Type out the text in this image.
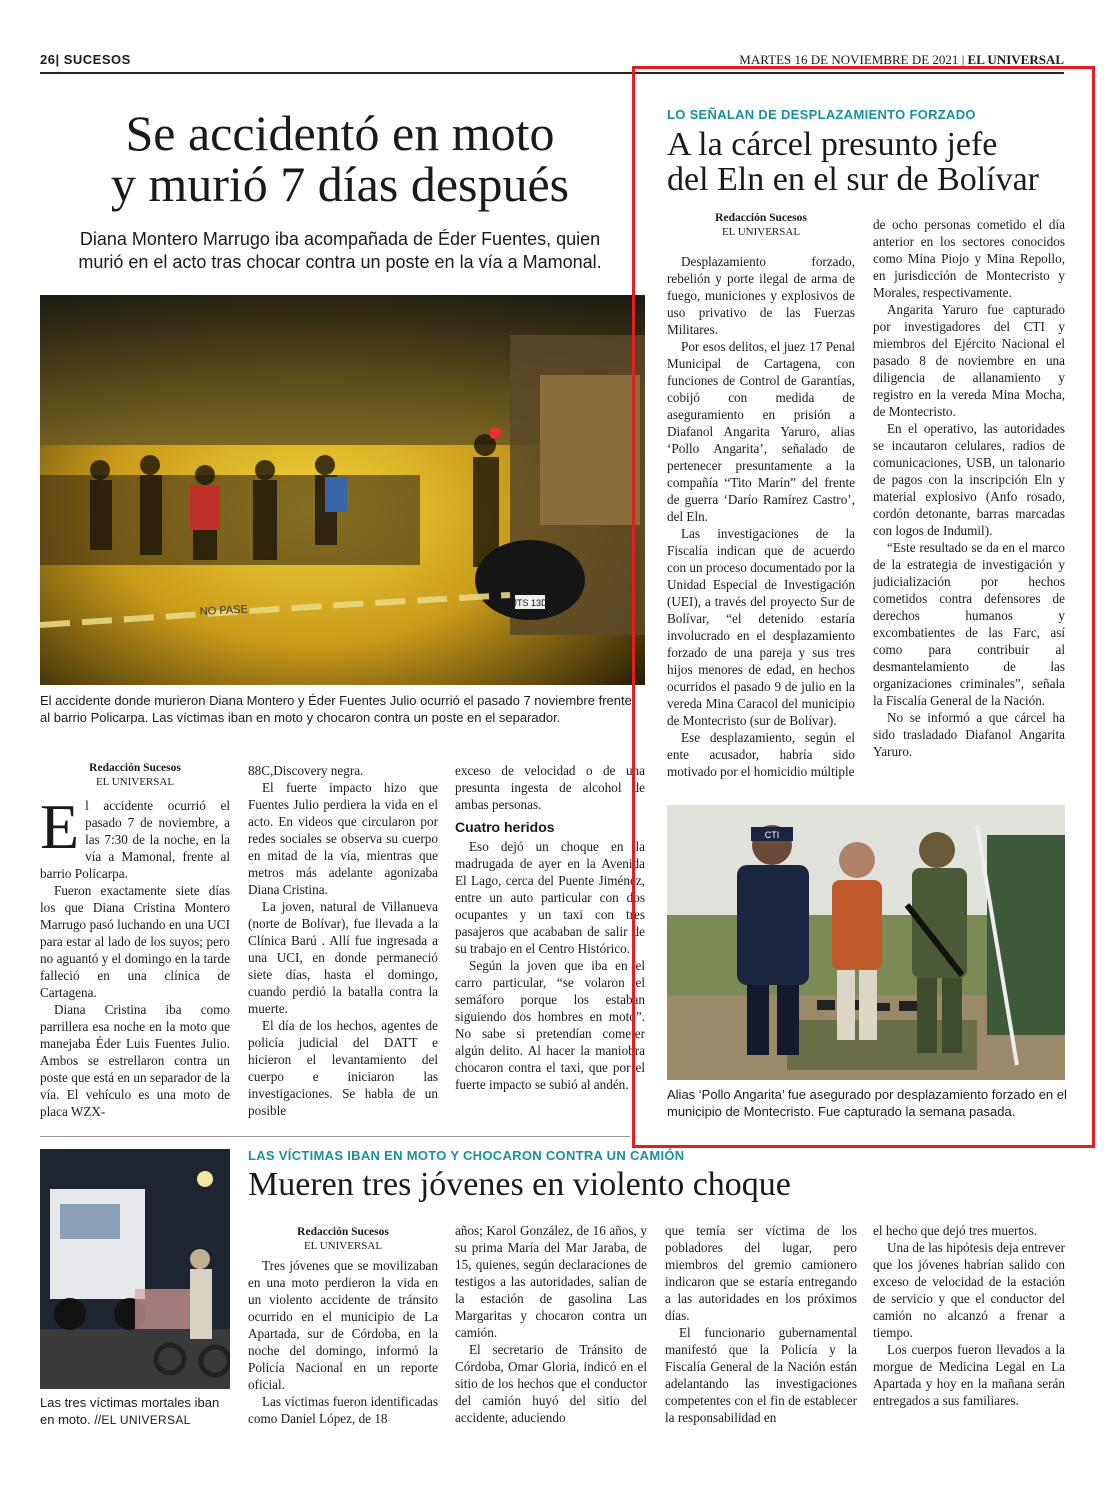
26| SUCESOS	MARTES 16 DE NOVIEMBRE DE 2021 | EL UNIVERSAL
Se accidentó en moto
y murió 7 días después
Diana Montero Marrugo iba acompañada de Éder Fuentes, quien
murió en el acto tras chocar contra un poste en la vía a Mamonal.
JTS 13D
NO PASE
El accidente donde murieron Diana Montero y Éder Fuentes Julio ocurrió el pasado 7 noviembre frente al barrio Policarpa. Las víctimas iban en moto y chocaron contra un poste en el separador.
Redacción Sucesos
EL UNIVERSAL

El accidente ocurrió el pasado 7 de noviembre, a las 7:30 de la noche, en la vía a Mamonal, frente al barrio Policarpa.

Fueron exactamente siete días los que Diana Cristina Montero Marrugo pasó luchando en una UCI para estar al lado de los suyos; pero no aguantó y el domingo en la tarde falleció en una clínica de Cartagena.

Diana Cristina iba como parrillera esa noche en la moto que manejaba Éder Luis Fuentes Julio. Ambos se estrellaron contra un poste que está en un separador de la vía. El vehículo es una moto de placa WZX-

88C,Discovery negra.

El fuerte impacto hizo que Fuentes Julio perdiera la vida en el acto. En videos que circularon por redes sociales se observa su cuerpo en mitad de la vía, mientras que metros más adelante agonizaba Diana Cristina.

La joven, natural de Villanueva (norte de Bolívar), fue llevada a la Clínica Barú . Allí fue ingresada a una UCI, en donde permaneció siete días, hasta el domingo, cuando perdió la batalla contra la muerte.

El día de los hechos, agentes de policía judicial del DATT e hicieron el levantamiento del cuerpo e iniciaron las investigaciones. Se habla de un posible

exceso de velocidad o de una presunta ingesta de alcohol de ambas personas.

Cuatro heridos

Eso dejó un choque en la madrugada de ayer en la Avenida El Lago, cerca del Puente Jiménez, entre un auto particular con dos ocupantes y un taxi con tres pasajeros que acababan de salir de su trabajo en el Centro Histórico.

Según la joven que iba en el carro particular, “se volaron el semáforo porque los estaban siguiendo dos hombres en moto”. No sabe si pretendían cometer algún delito. Al hacer la maniobra chocaron contra el taxi, que por el fuerte impacto se subió al andén.

LO SEÑALAN DE DESPLAZAMIENTO FORZADO
A la cárcel presunto jefe
del Eln en el sur de Bolívar
Redacción Sucesos
EL UNIVERSAL

Desplazamiento forzado, rebelión y porte ilegal de arma de fuego, municiones y explosivos de uso privativo de las Fuerzas Militares.

Por esos delitos, el juez 17 Penal Municipal de Cartagena, con funciones de Control de Garantías, cobijó con medida de aseguramiento en prisión a Diafanol Angarita Yaruro, alias ‘Pollo Angarita’, señalado de pertenecer presuntamente a la compañía “Tito Marín” del frente de guerra ‘Darío Ramírez Castro’, del Eln.

Las investigaciones de la Fiscalía indican que de acuerdo con un proceso documentado por la Unidad Especial de Investigación (UEI), a través del proyecto Sur de Bolívar, “el detenido estaría involucrado en el desplazamiento forzado de una pareja y sus tres hijos menores de edad, en hechos ocurridos el pasado 9 de julio en la vereda Mina Caracol del municipio de Montecristo (sur de Bolívar).

Ese desplazamiento, según el ente acusador, habría sido motivado por el homicidio múltiple

de ocho personas cometido el día anterior en los sectores conocidos como Mina Piojo y Mina Repollo, en jurisdicción de Montecristo y Morales, respectivamente.

Angarita Yaruro fue capturado por investigadores del CTI y miembros del Ejército Nacional el pasado 8 de noviembre en una diligencia de allanamiento y registro en la vereda Mina Mocha, de Montecristo.

En el operativo, las autoridades se incautaron celulares, radios de comunicaciones, USB, un talonario de pagos con la inscripción Eln y material explosivo (Anfo rosado, cordón detonante, barras marcadas con logos de Indumil).

“Este resultado se da en el marco de la estrategia de investigación y judicialización por hechos cometidos contra defensores de derechos humanos y excombatientes de las Farc, así como para contribuir al desmantelamiento de las organizaciones criminales”, señala la Fiscalía General de la Nación.

No se informó a que cárcel ha sido trasladado Diafanol Angarita Yaruro.

CTI
Alias ‘Pollo Angarita’ fue asegurado por desplazamiento forzado en el municipio de Montecristo. Fue capturado la semana pasada.
Las tres víctimas mortales iban en moto. //EL UNIVERSAL
LAS VÍCTIMAS IBAN EN MOTO Y CHOCARON CONTRA UN CAMIÓN
Mueren tres jóvenes en violento choque
Redacción Sucesos
EL UNIVERSAL

Tres jóvenes que se movilizaban en una moto perdieron la vida en un violento accidente de tránsito ocurrido en el municipio de La Apartada, sur de Córdoba, en la noche del domingo, informó la Policía Nacional en un reporte oficial.

Las víctimas fueron identificadas como Daniel López, de 18

años; Karol González, de 16 años, y su prima María del Mar Jaraba, de 15, quienes, según declaraciones de testigos a las autoridades, salían de la estación de gasolina Las Margaritas y chocaron contra un camión.

El secretario de Tránsito de Córdoba, Omar Gloria, indicó en el sitio de los hechos que el conductor del camión huyó del sitio del accidente, aduciendo

que temía ser víctima de los pobladores del lugar, pero miembros del gremio camionero indicaron que se estaría entregando a las autoridades en los próximos días.

El funcionario gubernamental manifestó que la Policía y la Fiscalía General de la Nación están adelantando las investigaciones competentes con el fin de establecer la responsabilidad en

el hecho que dejó tres muertos.

Una de las hipótesis deja entrever que los jóvenes habrían salido con exceso de velocidad de la estación de servicio y que el conductor del camión no alcanzó a frenar a tiempo.

Los cuerpos fueron llevados a la morgue de Medicina Legal en La Apartada y hoy en la mañana serán entregados a sus familiares.
